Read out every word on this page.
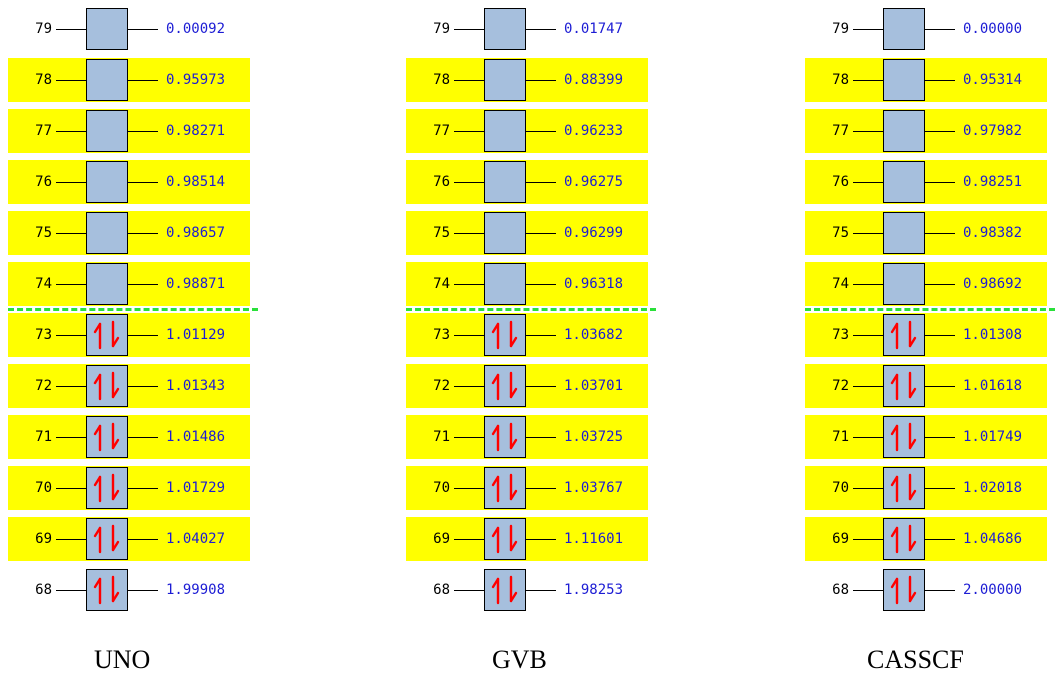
UNO
79	0.00092
78	0.95973
77	0.98271
76	0.98514
75	0.98657
74	0.98871
73	1.01129
72	1.01343
71	1.01486
70	1.01729
69	1.04027
68	1.99908
GVB
79	0.01747
78	0.88399
77	0.96233
76	0.96275
75	0.96299
74	0.96318
73	1.03682
72	1.03701
71	1.03725
70	1.03767
69	1.11601
68	1.98253
CASSCF
79	0.00000
78	0.95314
77	0.97982
76	0.98251
75	0.98382
74	0.98692
73	1.01308
72	1.01618
71	1.01749
70	1.02018
69	1.04686
68	2.00000
